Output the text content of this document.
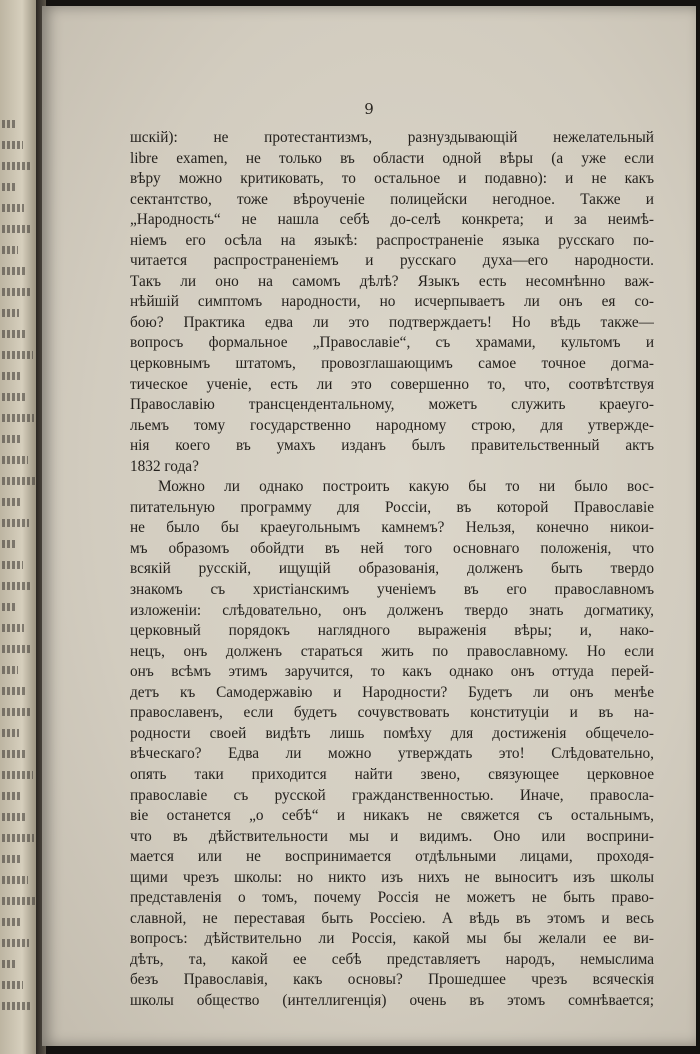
9
шскій): не протестантизмъ, разнуздывающій нежелательный
libre examen, не только въ области одной вѣры (а уже если
вѣру можно критиковать, то остальное и подавно): и не какъ
сектантство, тоже вѣроученіе полицейски негодное. Также и
„Народность“ не нашла себѣ до-селѣ конкрета; и за неимѣ-
ніемъ его осѣла на языкѣ: распространеніе языка русскаго по-
читается распространеніемъ и русскаго духа—его народности.
Такъ ли оно на самомъ дѣлѣ? Языкъ есть несомнѣнно важ-
нѣйшій симптомъ народности, но исчерпываетъ ли онъ ея со-
бою? Практика едва ли это подтверждаетъ! Но вѣдь также—
вопросъ формальное „Православіе“, съ храмами, культомъ и
церковнымъ штатомъ, провозглашающимъ самое точное догма-
тическое ученіе, есть ли это совершенно то, что, соотвѣтствуя
Православію трансцендентальному, можетъ служить краеуго-
льемъ тому государственно народному строю, для утвержде-
нія коего въ умахъ изданъ былъ правительственный актъ
1832 года?
Можно ли однако построить какую бы то ни было вос-
питательную программу для Россіи, въ которой Православіе
не было бы краеугольнымъ камнемъ? Нельзя, конечно никои-
мъ образомъ обойдти въ ней того основнаго положенія, что
всякій русскій, ищущій образованія, долженъ быть твердо
знакомъ съ христіанскимъ ученіемъ въ его православномъ
изложеніи: слѣдовательно, онъ долженъ твердо знать догматику,
церковный порядокъ наглядного выраженія вѣры; и, нако-
нецъ, онъ долженъ стараться жить по православному. Но если
онъ всѣмъ этимъ заручится, то какъ однако онъ оттуда перей-
детъ къ Самодержавію и Народности? Будетъ ли онъ менѣе
православенъ, если будетъ сочувствовать конституціи и въ на-
родности своей видѣть лишь помѣху для достиженія общечело-
вѣческаго? Едва ли можно утверждать это! Слѣдовательно,
опять таки приходится найти звено, связующее церковное
православіе съ русской гражданственностью. Иначе, правосла-
віе останется „о себѣ“ и никакъ не свяжется съ остальнымъ,
что въ дѣйствительности мы и видимъ. Оно или восприни-
мается или не воспринимается отдѣльными лицами, проходя-
щими чрезъ школы: но никто изъ нихъ не выноситъ изъ школы
представленія о томъ, почему Россія не можетъ не быть право-
славной, не переставая быть Россіею. А вѣдь въ этомъ и весь
вопросъ: дѣйствительно ли Россія, какой мы бы желали ее ви-
дѣть, та, какой ее себѣ представляетъ народъ, немыслима
безъ Православія, какъ основы? Прошедшее чрезъ всяческія
школы общество (интеллигенція) очень въ этомъ сомнѣвается;
